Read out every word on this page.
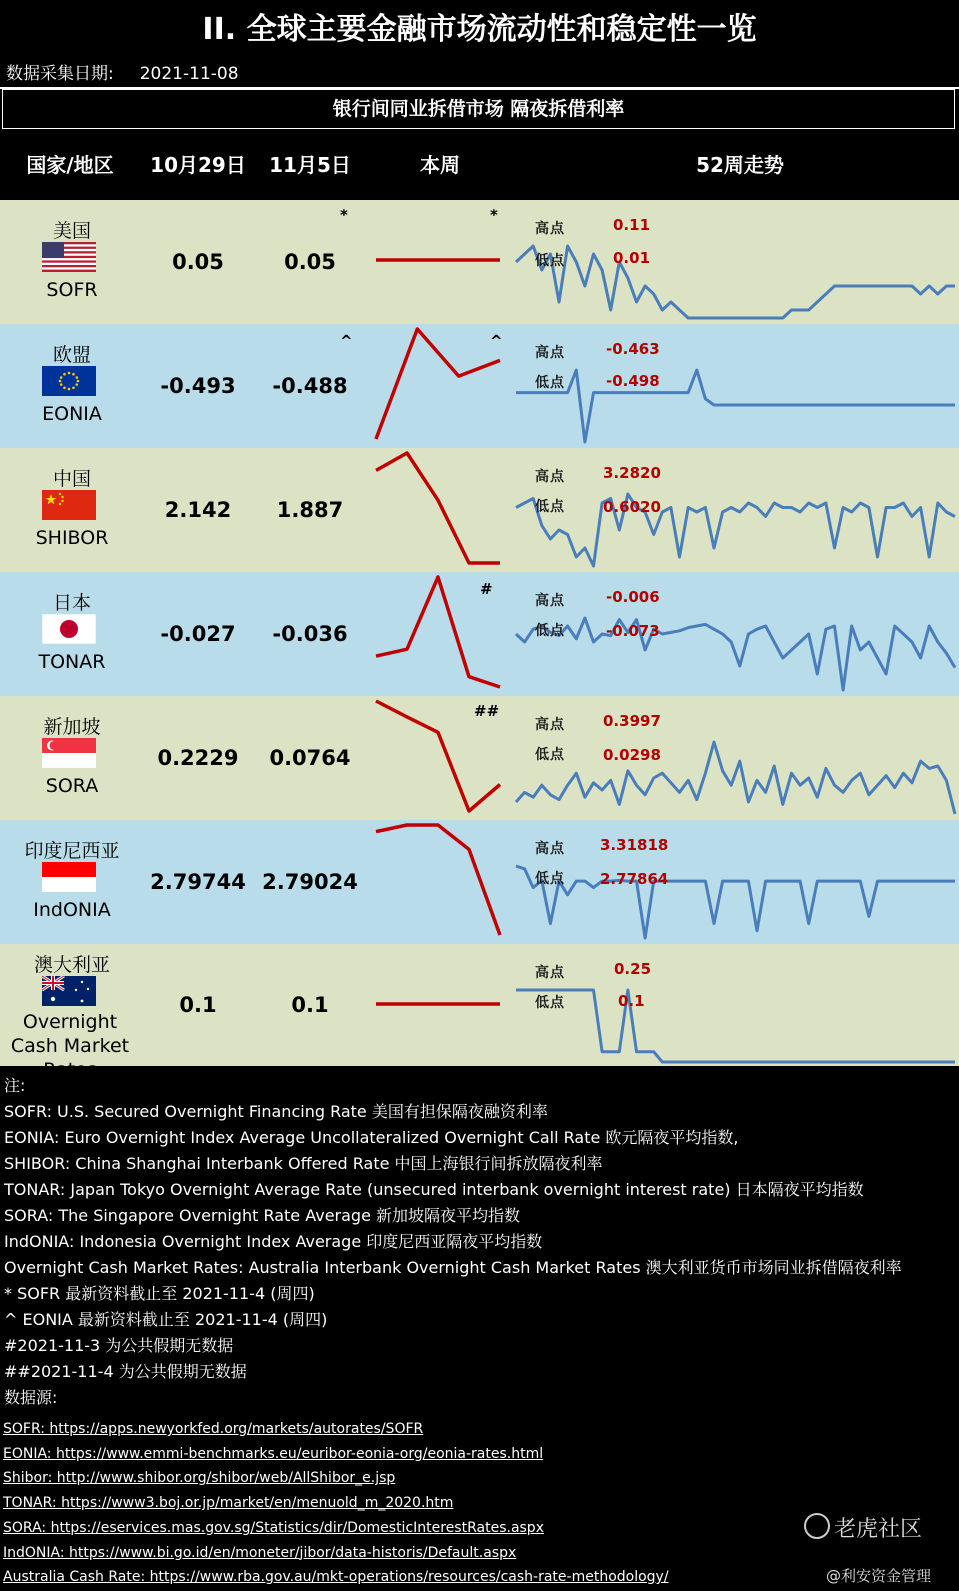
II. 全球主要金融市场流动性和稳定性一览
数据采集日期: 2021-11-08
银行间同业拆借市场 隔夜拆借利率
国家/地区	10月29日	11月5日	本周	52周走势
美国
SOFR
0.05	0.05
*	*
高点
低点
0.11
0.01
欧盟
EONIA
-0.493	-0.488
^	^
高点
低点
-0.463
-0.498
中国
SHIBOR
2.142	1.887
高点
低点
3.2820
0.6020
日本
TONAR
-0.027	-0.036
#
高点
低点
-0.006
-0.073
新加坡
SORA
0.2229	0.0764
##
高点
低点
0.3997
0.0298
印度尼西亚
IndONIA
2.79744 2.79024
高点
低点
3.31818
2.77864
澳大利亚
Overnight Cash Market Rates
0.1	0.1
高点
低点
0.25
0.1
注:
SOFR: U.S. Secured Overnight Financing Rate 美国有担保隔夜融资利率
EONIA: Euro Overnight Index Average Uncollateralized Overnight Call Rate 欧元隔夜平均指数,
SHIBOR: China Shanghai Interbank Offered Rate 中国上海银行间拆放隔夜利率
TONAR: Japan Tokyo Overnight Average Rate (unsecured interbank overnight interest rate) 日本隔夜平均指数
SORA: The Singapore Overnight Rate Average 新加坡隔夜平均指数
IndONIA: Indonesia Overnight Index Average 印度尼西亚隔夜平均指数
Overnight Cash Market Rates: Australia Interbank Overnight Cash Market Rates 澳大利亚货币市场同业拆借隔夜利率
* SOFR 最新资料截止至 2021-11-4 (周四)
^ EONIA 最新资料截止至 2021-11-4 (周四)
#2021-11-3 为公共假期无数据
##2021-11-4 为公共假期无数据
数据源:
SOFR: https://apps.newyorkfed.org/markets/autorates/SOFR
EONIA: https://www.emmi-benchmarks.eu/euribor-eonia-org/eonia-rates.html
Shibor: http://www.shibor.org/shibor/web/AllShibor_e.jsp
TONAR: https://www3.boj.or.jp/market/en/menuold_m_2020.htm
SORA: https://eservices.mas.gov.sg/Statistics/dir/DomesticInterestRates.aspx
IndONIA: https://www.bi.go.id/en/moneter/jibor/data-historis/Default.aspx
Australia Cash Rate: https://www.rba.gov.au/mkt-operations/resources/cash-rate-methodology/
老虎社区
@利安资金管理
